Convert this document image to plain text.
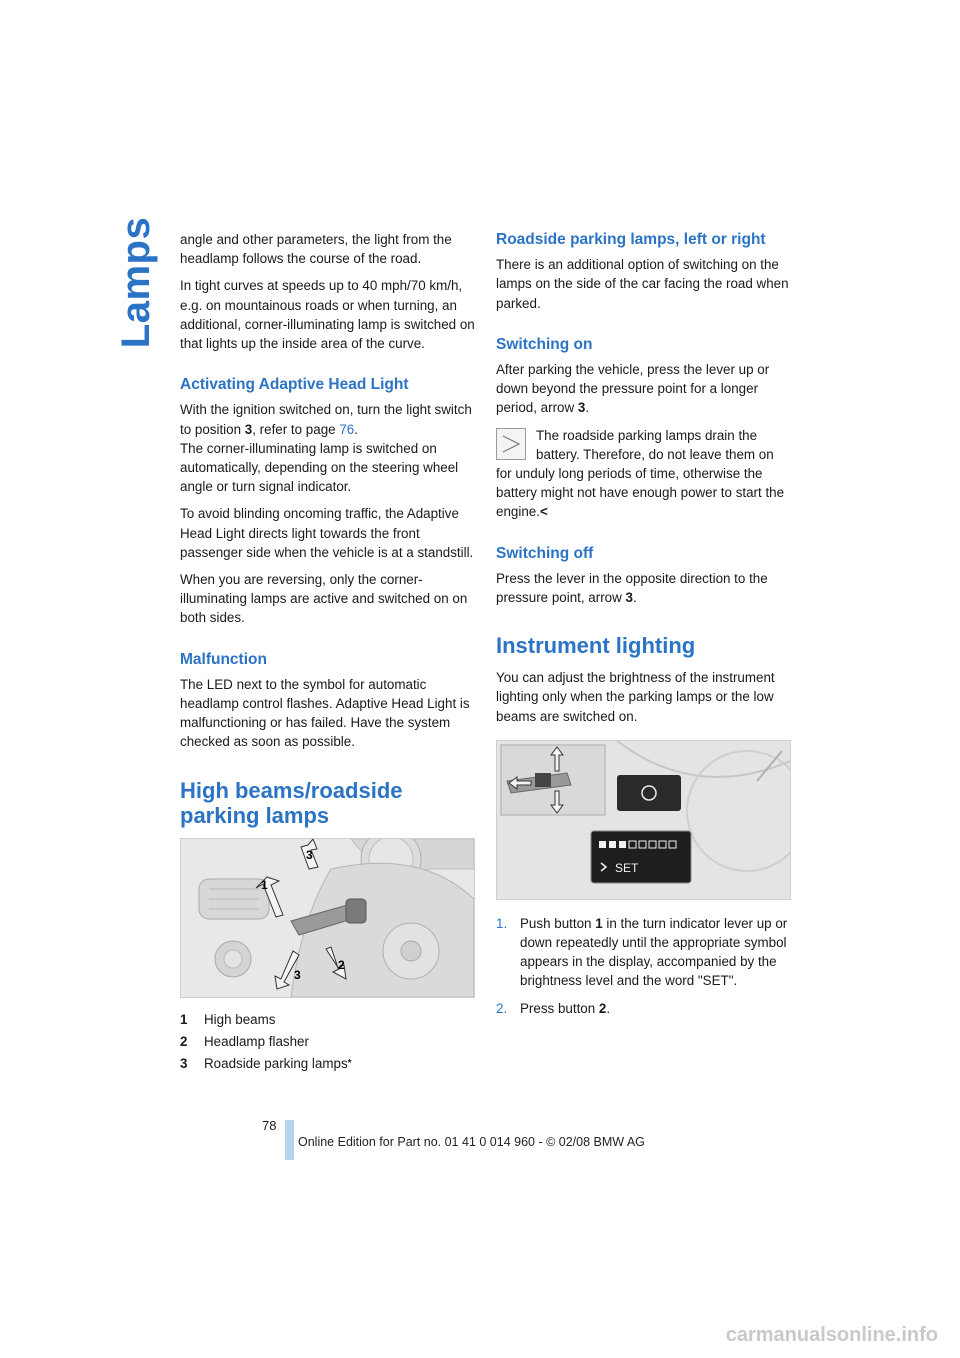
Lamps angle and other parameters, the light from the headlamp follows the course of the road.

In tight curves at speeds up to 40 mph/70 km/h, e.g. on mountainous roads or when turning, an additional, corner-illuminating lamp is switched on that lights up the inside area of the curve.

Activating Adaptive Head Light

With the ignition switched on, turn the light switch to position 3, refer to page 76.

The corner-illuminating lamp is switched on automatically, depending on the steering wheel angle or turn signal indicator.

To avoid blinding oncoming traffic, the Adaptive Head Light directs light towards the front passenger side when the vehicle is at a standstill.

When you are reversing, only the corner-illuminating lamps are active and switched on on both sides.

Malfunction

The LED next to the symbol for automatic headlamp control flashes. Adaptive Head Light is malfunctioning or has failed. Have the system checked as soon as possible.

High beams/roadside parking lamps
1
3
2
3
1	High beams
2	Headlamp flasher
3	Roadside parking lamps *
Roadside parking lamps, left or right

There is an additional option of switching on the lamps on the side of the car facing the road when parked.

Switching on

After parking the vehicle, press the lever up or down beyond the pressure point for a longer period, arrow 3.

The roadside parking lamps drain the battery. Therefore, do not leave them on for unduly long periods of time, otherwise the battery might not have enough power to start the engine.<

Switching off

Press the lever in the opposite direction to the pressure point, arrow 3.

Instrument lighting

You can adjust the brightness of the instrument lighting only when the parking lamps or the low beams are switched on.

SET
1. Push button 1 in the turn indicator lever up or down repeatedly until the appropriate symbol appears in the display, accompanied by the brightness level and the word "SET".
2. Press button 2.
78
Online Edition for Part no. 01 41 0 014 960 - © 02/08 BMW AG
carmanualsonline.info
